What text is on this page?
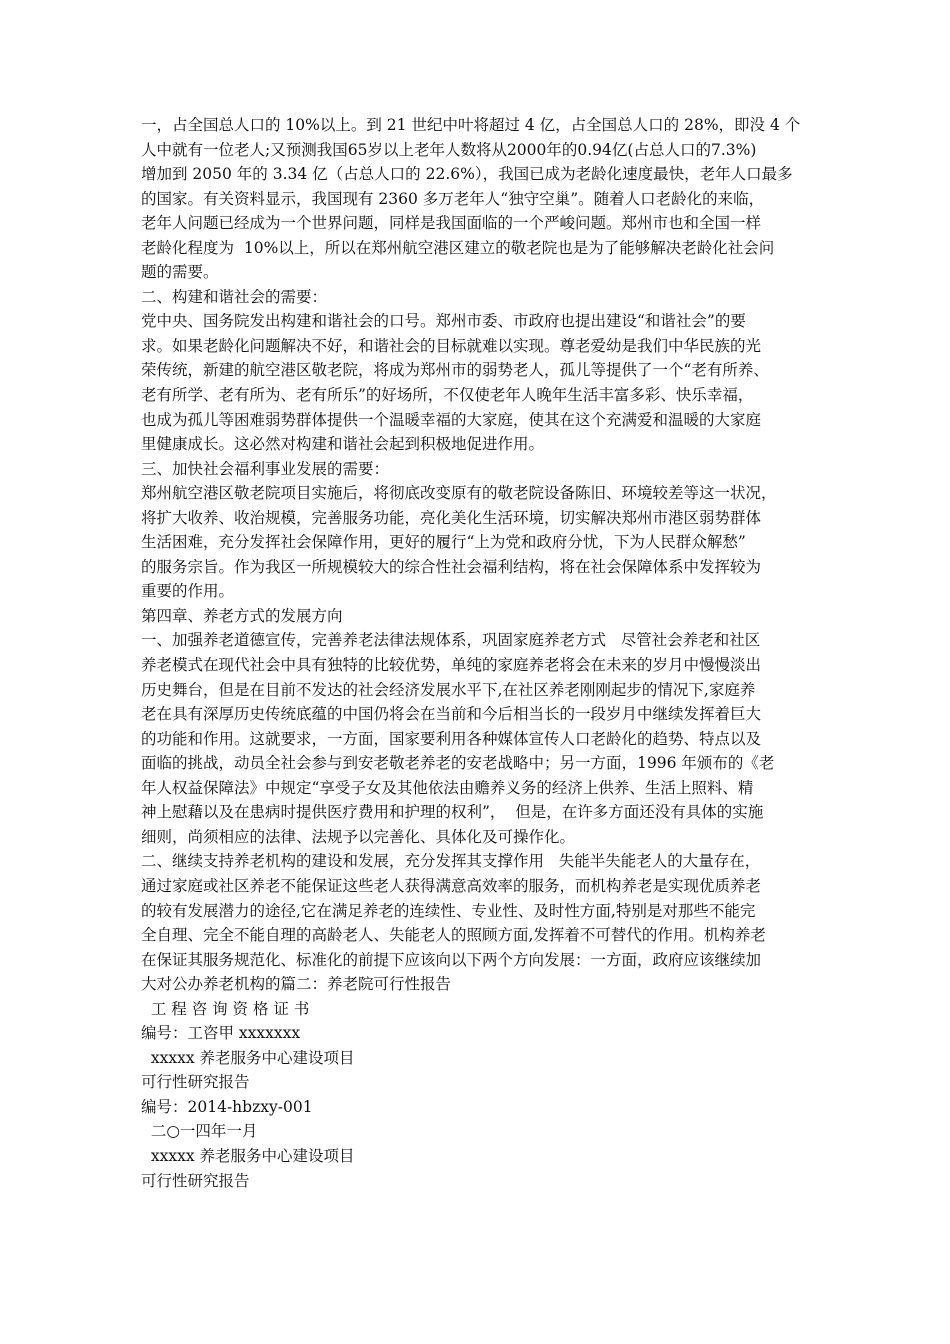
一，占全国总人口的 10%以上。到 21 世纪中叶将超过 4 亿，占全国总人口的 28%，即没 4 个

人中就有一位老人;又预测我国65岁以上老年人数将从2000年的0.94亿(占总人口的7.3%)

增加到 2050 年的 3.34 亿（占总人口的 22.6%），我国已成为老龄化速度最快，老年人口最多

的国家。有关资料显示，我国现有 2360 多万老年人“独守空巢”。随着人口老龄化的来临，

老年人问题已经成为一个世界问题，同样是我国面临的一个严峻问题。郑州市也和全国一样

老龄化程度为  10%以上，所以在郑州航空港区建立的敬老院也是为了能够解决老龄化社会问

题的需要。

二、构建和谐社会的需要：

党中央、国务院发出构建和谐社会的口号。郑州市委、市政府也提出建设“和谐社会”的要

求。如果老龄化问题解决不好，和谐社会的目标就难以实现。尊老爱幼是我们中华民族的光

荣传统，新建的航空港区敬老院，将成为郑州市的弱势老人，孤儿等提供了一个“老有所养、

老有所学、老有所为、老有所乐”的好场所，不仅使老年人晚年生活丰富多彩、快乐幸福，

也成为孤儿等困难弱势群体提供一个温暖幸福的大家庭，使其在这个充满爱和温暖的大家庭

里健康成长。这必然对构建和谐社会起到积极地促进作用。

三、加快社会福利事业发展的需要：

郑州航空港区敬老院项目实施后，将彻底改变原有的敬老院设备陈旧、环境较差等这一状况，

将扩大收养、收治规模，完善服务功能，亮化美化生活环境，切实解决郑州市港区弱势群体

生活困难，充分发挥社会保障作用，更好的履行“上为党和政府分忧，下为人民群众解愁”

的服务宗旨。作为我区一所规模较大的综合性社会福利结构，将在社会保障体系中发挥较为

重要的作用。

第四章、养老方式的发展方向

一、加强养老道德宣传，完善养老法律法规体系，巩固家庭养老方式   尽管社会养老和社区

养老模式在现代社会中具有独特的比较优势，单纯的家庭养老将会在未来的岁月中慢慢淡出

历史舞台，但是在目前不发达的社会经济发展水平下,在社区养老刚刚起步的情况下,家庭养

老在具有深厚历史传统底蕴的中国仍将会在当前和今后相当长的一段岁月中继续发挥着巨大

的功能和作用。这就要求，一方面，国家要利用各种媒体宣传人口老龄化的趋势、特点以及

面临的挑战，动员全社会参与到安老敬老养老的安老战略中；另一方面，1996 年颁布的《老

年人权益保障法》中规定“享受子女及其他依法由赡养义务的经济上供养、生活上照料、精

神上慰藉以及在患病时提供医疗费用和护理的权利”，  但是，在许多方面还没有具体的实施

细则，尚须相应的法律、法规予以完善化、具体化及可操作化。

二、继续支持养老机构的建设和发展，充分发挥其支撑作用   失能半失能老人的大量存在，

通过家庭或社区养老不能保证这些老人获得满意高效率的服务，而机构养老是实现优质养老

的较有发展潜力的途径,它在满足养老的连续性、专业性、及时性方面,特别是对那些不能完

全自理、完全不能自理的高龄老人、失能老人的照顾方面,发挥着不可替代的作用。机构养老

在保证其服务规范化、标准化的前提下应该向以下两个方向发展：一方面，政府应该继续加

大对公办养老机构的篇二：养老院可行性报告

工 程 咨 询 资 格 证 书

编号：工咨甲 xxxxxxx

xxxxx 养老服务中心建设项目

可行性研究报告

编号：2014-hbzxy-001

二○一四年一月

xxxxx 养老服务中心建设项目

可行性研究报告
